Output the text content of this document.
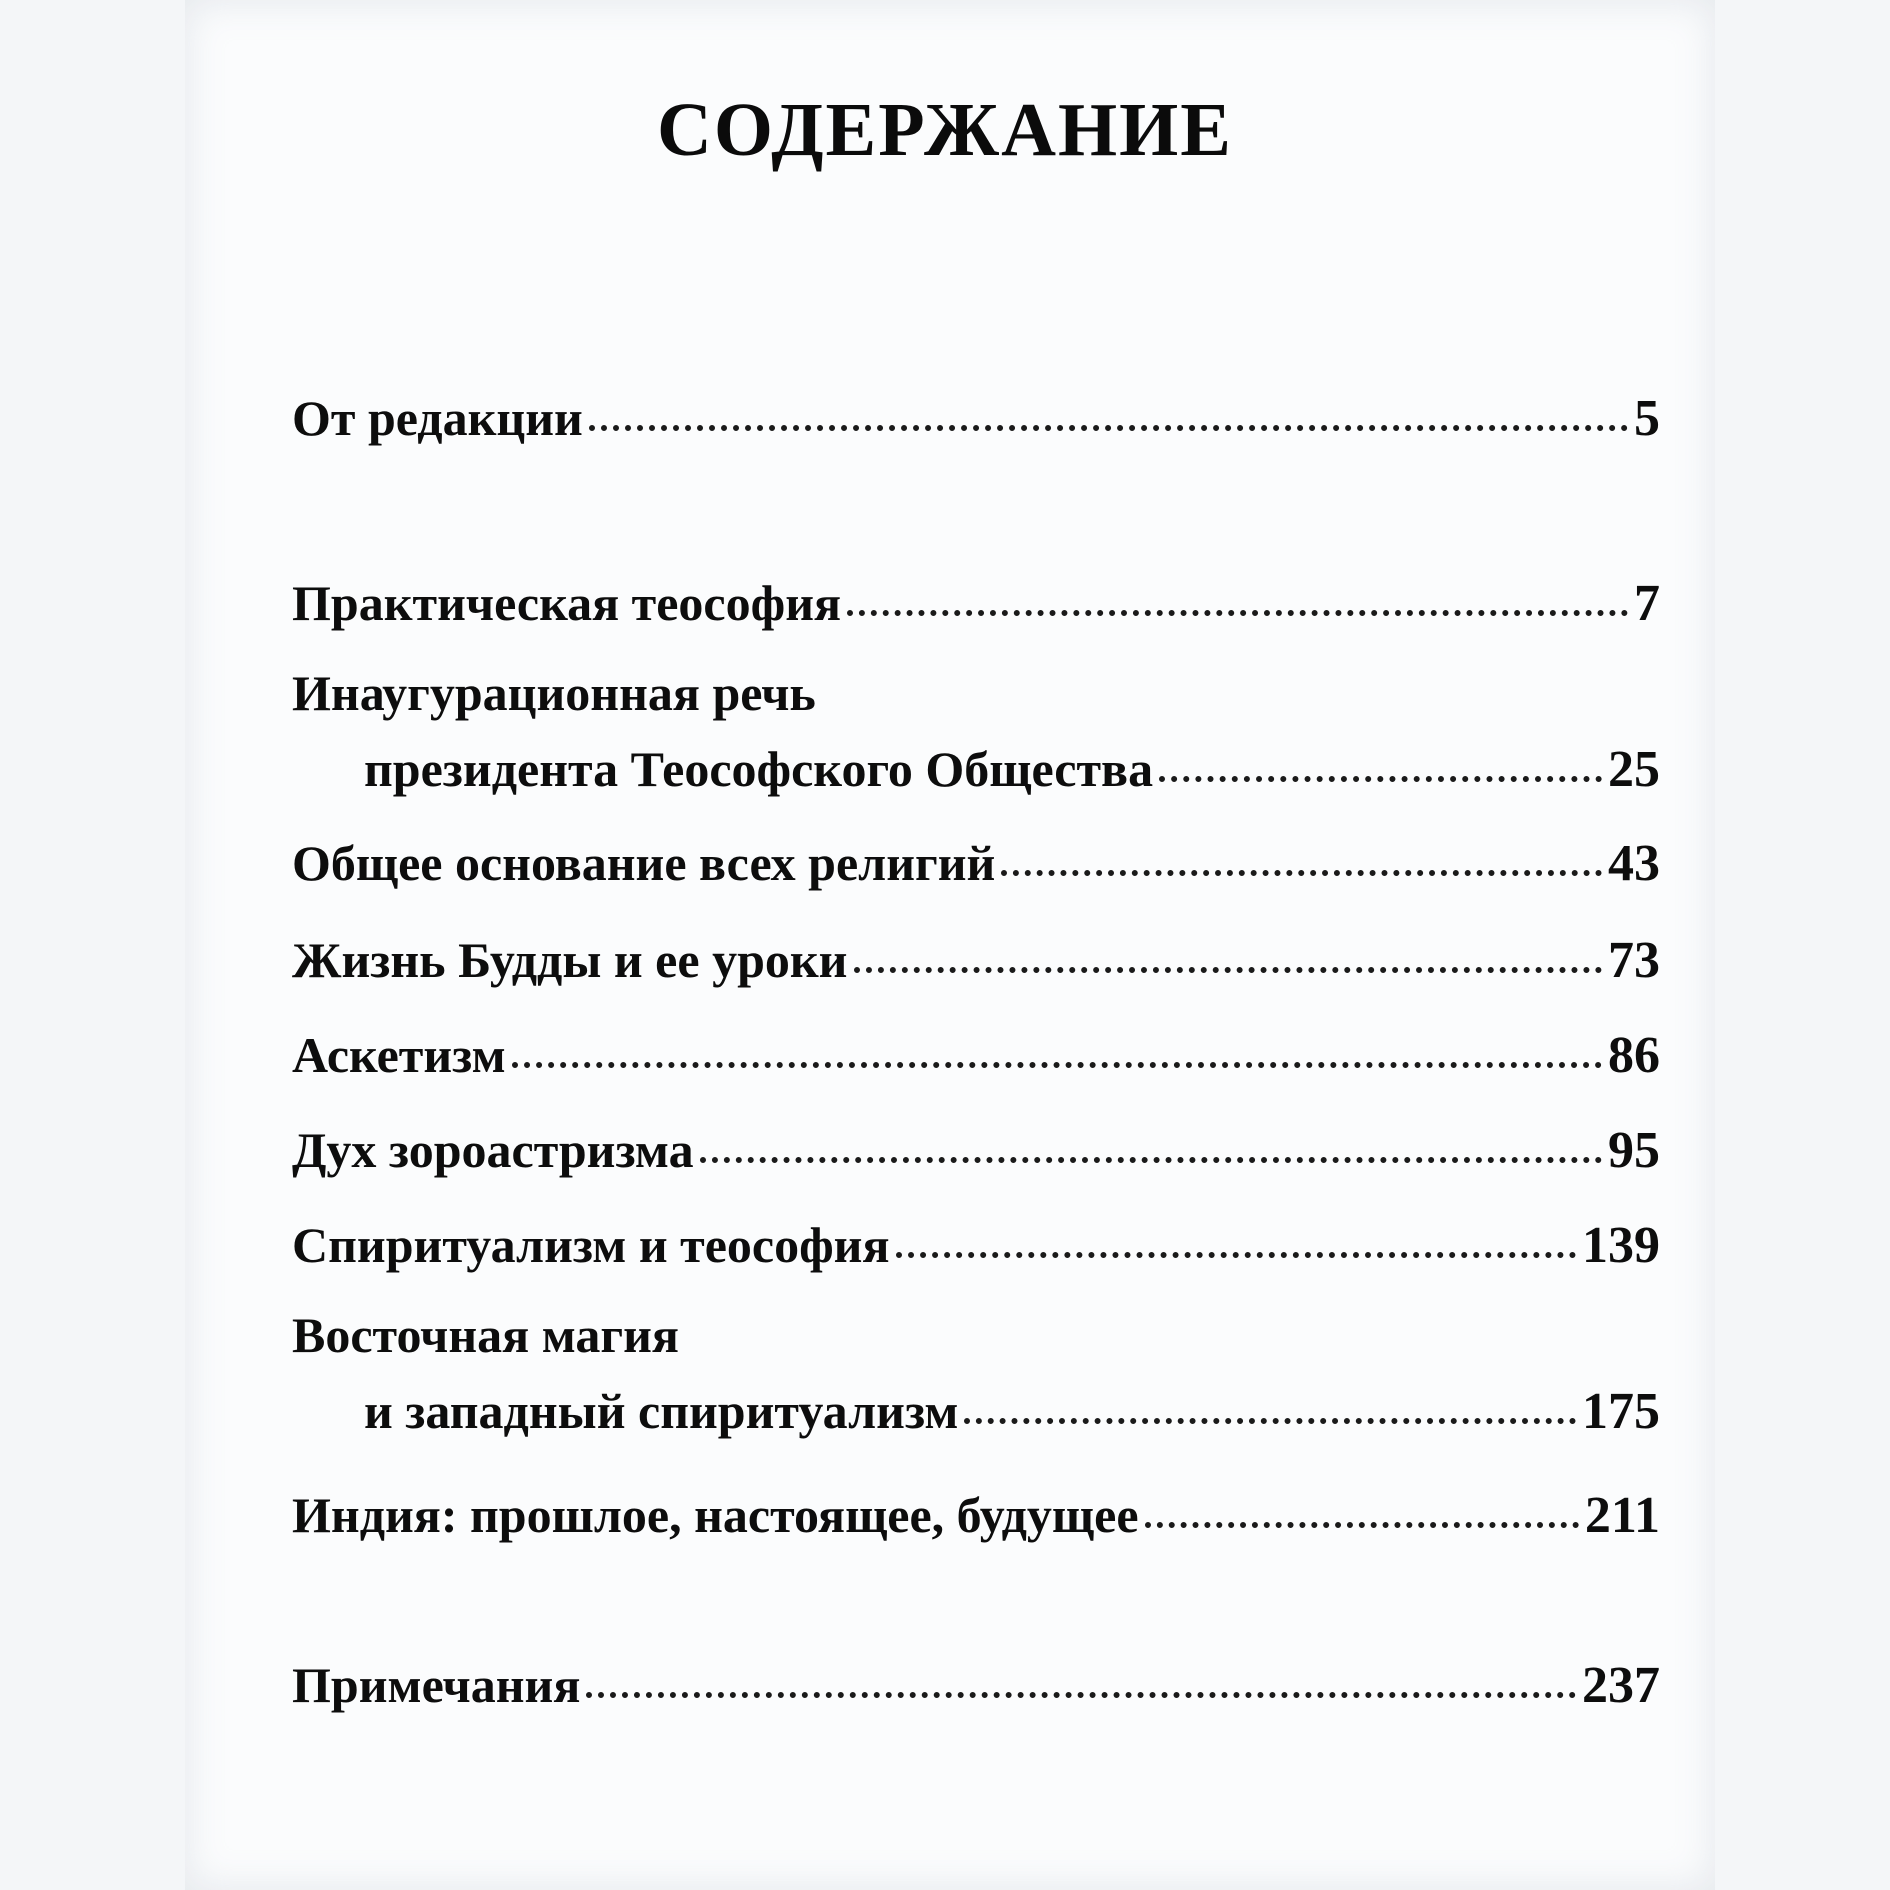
СОДЕРЖАНИЕ
От редакции	5
Практическая теософия	7
Инаугурационная речь
президента Теософского Общества	25
Общее основание всех религий	43
Жизнь Будды и ее уроки	73
Аскетизм	86
Дух зороастризма	95
Спиритуализм и теософия	139
Восточная магия
и западный спиритуализм	175
Индия: прошлое, настоящее, будущее	211
Примечания	237
